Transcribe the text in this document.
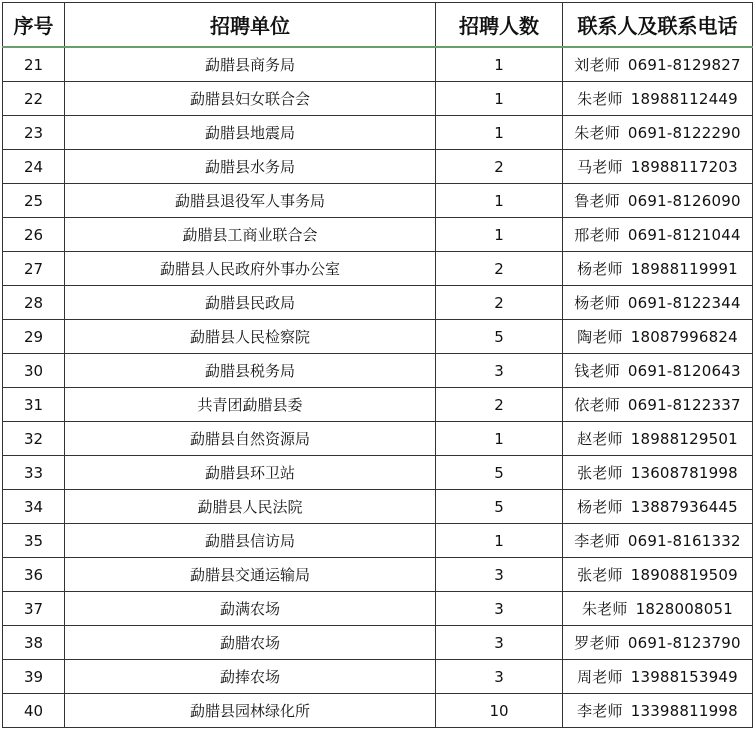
序号	招聘单位	招聘人数	联系人及联系电话
21	勐腊县商务局	1	刘老师 0691-8129827
22	勐腊县妇女联合会	1	朱老师 18988112449
23	勐腊县地震局	1	朱老师 0691-8122290
24	勐腊县水务局	2	马老师 18988117203
25	勐腊县退役军人事务局	1	鲁老师 0691-8126090
26	勐腊县工商业联合会	1	邢老师 0691-8121044
27	勐腊县人民政府外事办公室	2	杨老师 18988119991
28	勐腊县民政局	2	杨老师 0691-8122344
29	勐腊县人民检察院	5	陶老师 18087996824
30	勐腊县税务局	3	钱老师 0691-8120643
31	共青团勐腊县委	2	依老师 0691-8122337
32	勐腊县自然资源局	1	赵老师 18988129501
33	勐腊县环卫站	5	张老师 13608781998
34	勐腊县人民法院	5	杨老师 13887936445
35	勐腊县信访局	1	李老师 0691-8161332
36	勐腊县交通运输局	3	张老师 18908819509
37	勐满农场	3	朱老师 1828008051
38	勐腊农场	3	罗老师 0691-8123790
39	勐捧农场	3	周老师 13988153949
40	勐腊县园林绿化所	10	李老师 13398811998
